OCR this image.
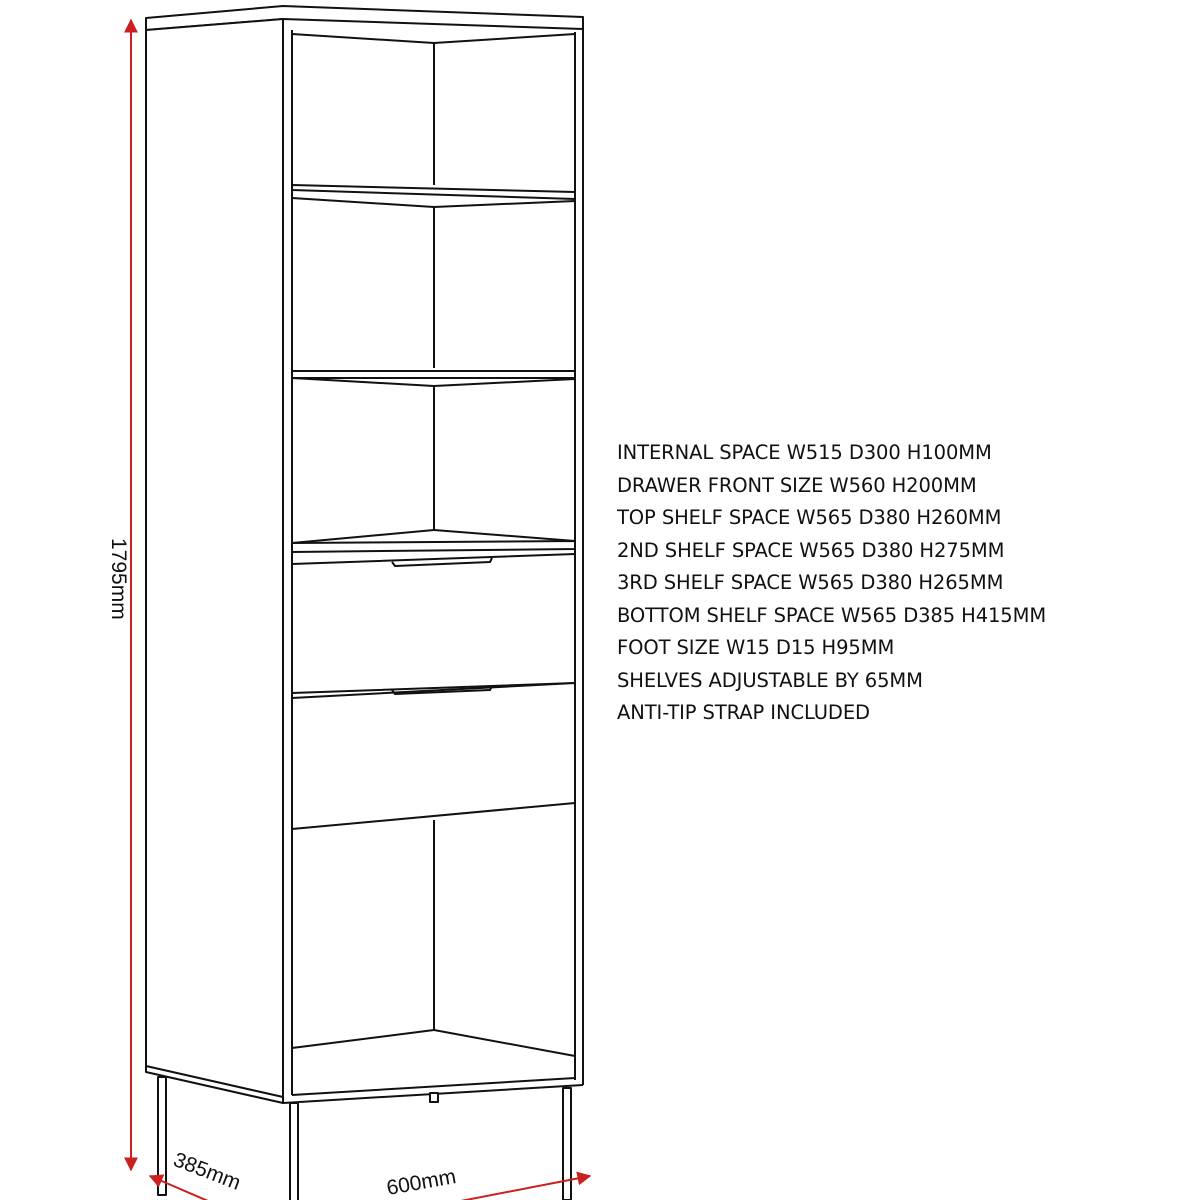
1795mm
385mm	600mm
INTERNAL SPACE W515 D300 H100MM
DRAWER FRONT SIZE W560 H200MM
TOP SHELF SPACE W565 D380 H260MM
2ND SHELF SPACE W565 D380 H275MM
3RD SHELF SPACE W565 D380 H265MM
BOTTOM SHELF SPACE W565 D385 H415MM
FOOT SIZE W15 D15 H95MM
SHELVES ADJUSTABLE BY 65MM
ANTI-TIP STRAP INCLUDED
